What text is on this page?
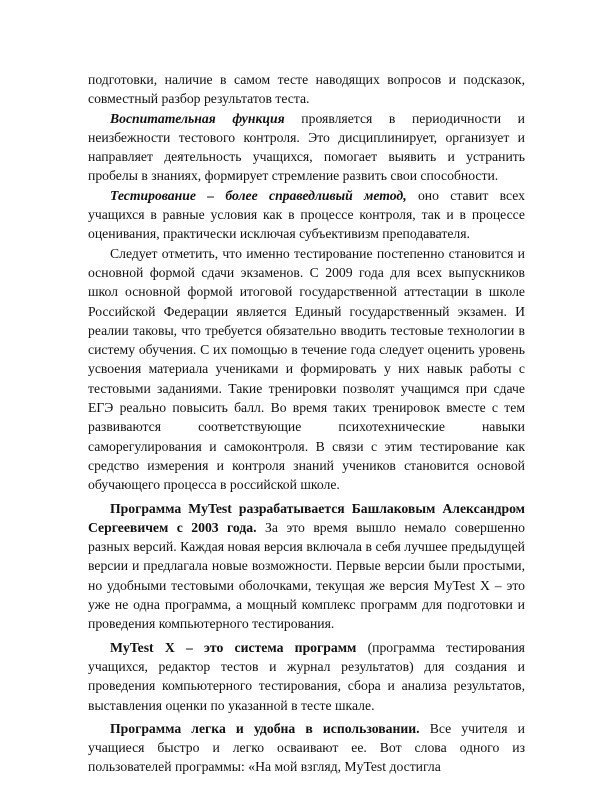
подготовки, наличие в самом тесте наводящих вопросов и подсказок, совместный разбор результатов теста.

Воспитательная функция проявляется в периодичности и неизбежности тестового контроля. Это дисциплинирует, организует и направляет деятельность учащихся, помогает выявить и устранить пробелы в знаниях, формирует стремление развить свои способности.

Тестирование – более справедливый метод, оно ставит всех учащихся в равные условия как в процессе контроля, так и в процессе оценивания, практически исключая субъективизм преподавателя.

Следует отметить, что именно тестирование постепенно становится и основной формой сдачи экзаменов. С 2009 года для всех выпускников школ основной формой итоговой государственной аттестации в школе Российской Федерации является Единый государственный экзамен. И реалии таковы, что требуется обязательно вводить тестовые технологии в систему обучения. С их помощью в течение года следует оценить уровень усвоения материала учениками и формировать у них навык работы с тестовыми заданиями. Такие тренировки позволят учащимся при сдаче ЕГЭ реально повысить балл. Во время таких тренировок вместе с тем развиваются соответствующие психотехнические навыки саморегулирования и самоконтроля. В связи с этим тестирование как средство измерения и контроля знаний учеников становится основой обучающего процесса в российской школе.

Программа MyTest разрабатывается Башлаковым Александром Сергеевичем с 2003 года. За это время вышло немало совершенно разных версий. Каждая новая версия включала в себя лучшее предыдущей версии и предлагала новые возможности. Первые версии были простыми, но удобными тестовыми оболочками, текущая же версия MyTest X – это уже не одна программа, а мощный комплекс программ для подготовки и проведения компьютерного тестирования.

MyTest X – это система программ (программа тестирования учащихся, редактор тестов и журнал результатов) для создания и проведения компьютерного тестирования, сбора и анализа результатов, выставления оценки по указанной в тесте шкале.

Программа легка и удобна в использовании. Все учителя и учащиеся быстро и легко осваивают ее. Вот слова одного из пользователей программы: «На мой взгляд, MyTest достигла
